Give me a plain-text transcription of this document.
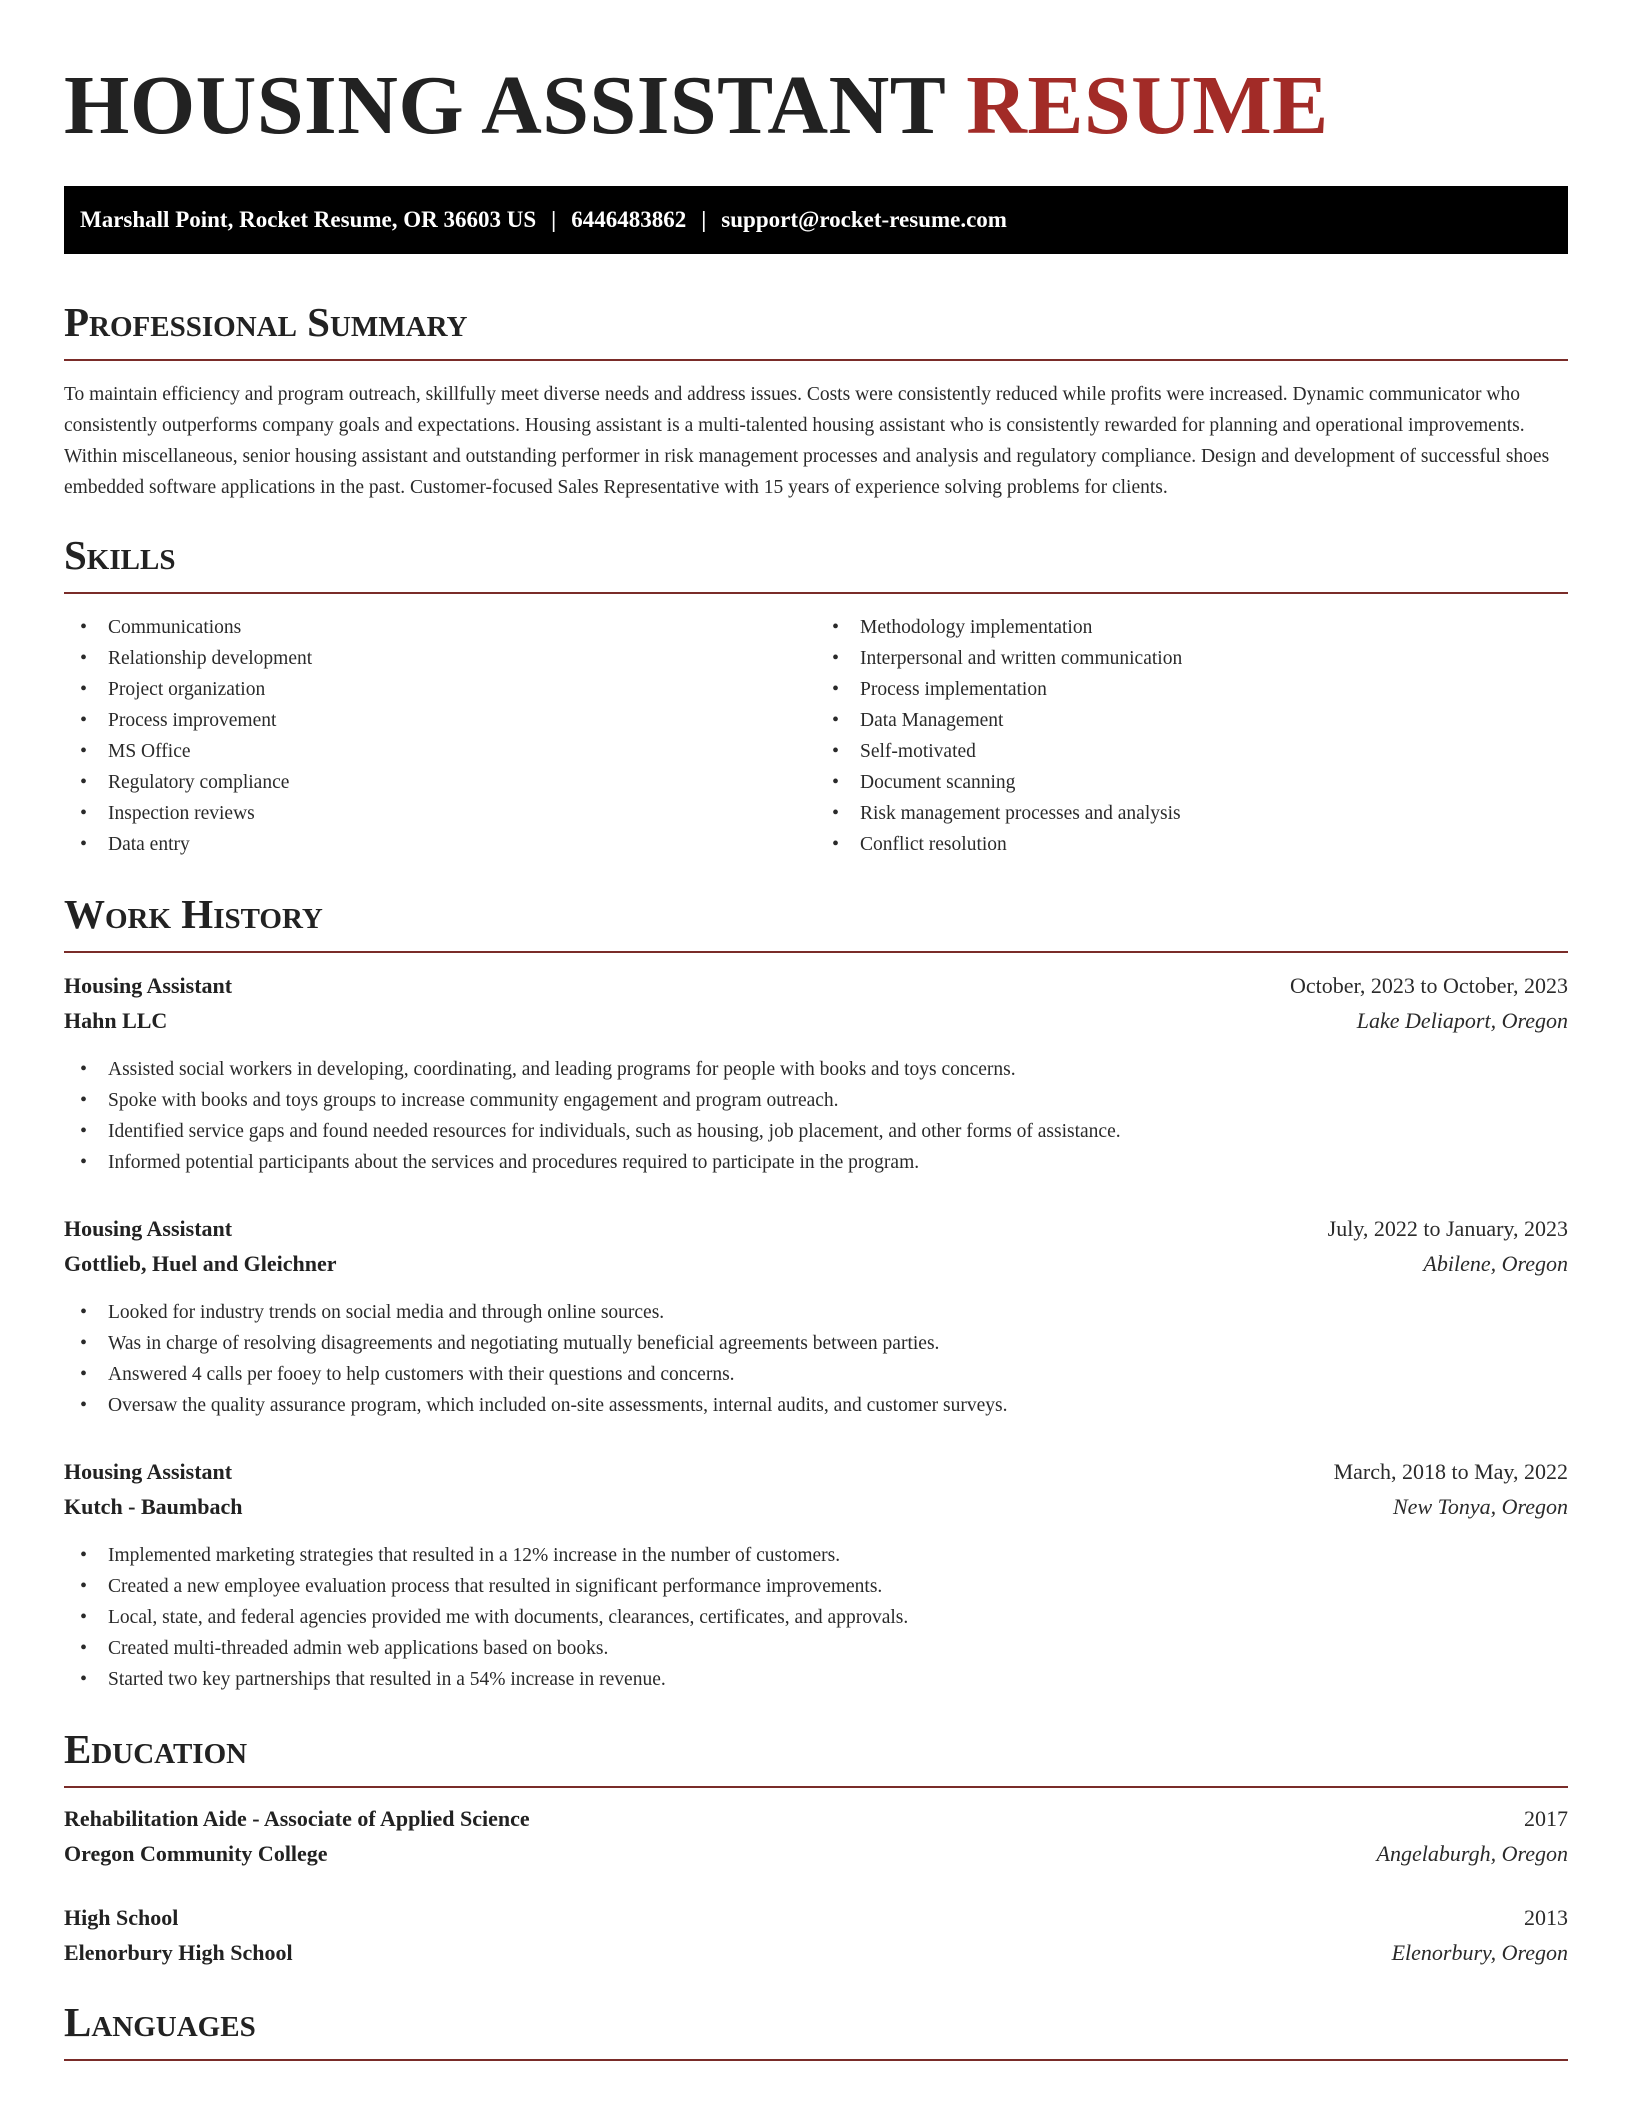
HOUSING ASSISTANT RESUME
Marshall Point, Rocket Resume, OR 36603 US | 6446483862 | support@rocket-resume.com
Professional Summary

To maintain efficiency and program outreach, skillfully meet diverse needs and address issues. Costs were consistently reduced while profits were increased. Dynamic communicator who consistently outperforms company goals and expectations. Housing assistant is a multi-talented housing assistant who is consistently rewarded for planning and operational improvements. Within miscellaneous, senior housing assistant and outstanding performer in risk management processes and analysis and regulatory compliance. Design and development of successful shoes embedded software applications in the past. Customer-focused Sales Representative with 15 years of experience solving problems for clients.

Skills
• Communications
• Relationship development
• Project organization
• Process improvement
• MS Office
• Regulatory compliance
• Inspection reviews
• Data entry
• Methodology implementation
• Interpersonal and written communication
• Process implementation
• Data Management
• Self-motivated
• Document scanning
• Risk management processes and analysis
• Conflict resolution
Work History
Housing Assistant	October, 2023 to October, 2023
Hahn LLC	Lake Deliaport, Oregon
• Assisted social workers in developing, coordinating, and leading programs for people with books and toys concerns.
• Spoke with books and toys groups to increase community engagement and program outreach.
• Identified service gaps and found needed resources for individuals, such as housing, job placement, and other forms of assistance.
• Informed potential participants about the services and procedures required to participate in the program.
Housing Assistant	July, 2022 to January, 2023
Gottlieb, Huel and Gleichner	Abilene, Oregon
• Looked for industry trends on social media and through online sources.
• Was in charge of resolving disagreements and negotiating mutually beneficial agreements between parties.
• Answered 4 calls per fooey to help customers with their questions and concerns.
• Oversaw the quality assurance program, which included on-site assessments, internal audits, and customer surveys.
Housing Assistant	March, 2018 to May, 2022
Kutch - Baumbach	New Tonya, Oregon
• Implemented marketing strategies that resulted in a 12% increase in the number of customers.
• Created a new employee evaluation process that resulted in significant performance improvements.
• Local, state, and federal agencies provided me with documents, clearances, certificates, and approvals.
• Created multi-threaded admin web applications based on books.
• Started two key partnerships that resulted in a 54% increase in revenue.
Education
Rehabilitation Aide - Associate of Applied Science	2017
Oregon Community College	Angelaburgh, Oregon
High School	2013
Elenorbury High School	Elenorbury, Oregon
Languages
